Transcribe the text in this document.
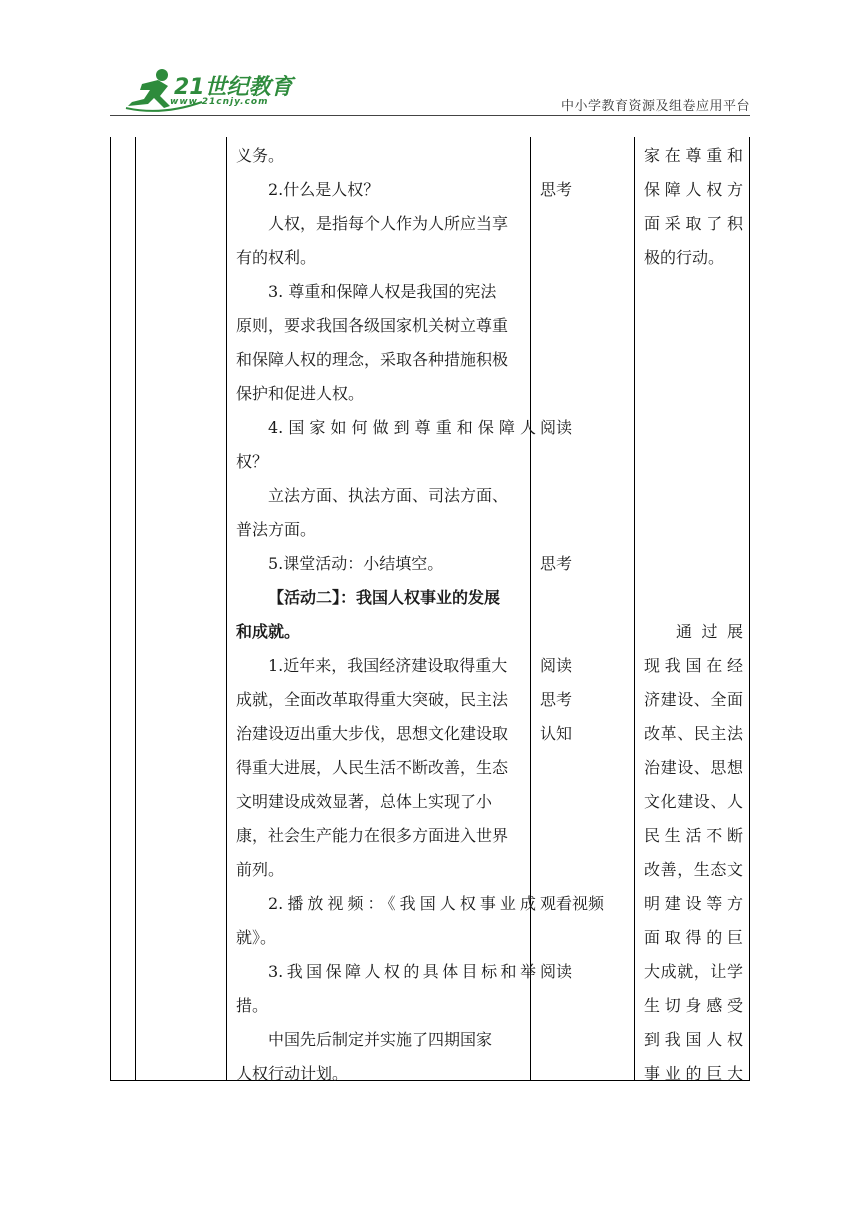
21世纪教育
www.21cnjy.com	中小学教育资源及组卷应用平台
义务。
2.什么是人权？
人权，是指每个人作为人所应当享
有的权利。
3. 尊重和保障人权是我国的宪法
原则，要求我国各级国家机关树立尊重
和保障人权的理念，采取各种措施积极
保护和促进人权。
4.国家如何做到尊重和保障人
权？
立法方面、执法方面、司法方面、
普法方面。
5.课堂活动：小结填空。
【活动二】：我国人权事业的发展
和成就。
1.近年来，我国经济建设取得重大
成就，全面改革取得重大突破，民主法
治建设迈出重大步伐，思想文化建设取
得重大进展，人民生活不断改善，生态
文明建设成效显著，总体上实现了小
康，社会生产能力在很多方面进入世界
前列。
2.播放视频：《我国人权事业成
就》。
3.我国保障人权的具体目标和举
措。
中国先后制定并实施了四期国家
人权行动计划。
思考
阅读
思考
阅读
思考
认知
观看视频
阅读
家在尊重和
保障人权方
面采取了积
极的行动。
通过展
现我国在经
济建设、全面
改革、民主法
治建设、思想
文化建设、人
民生活不断
改善，生态文
明建设等方
面取得的巨
大成就，让学
生切身感受
到我国人权
事业的巨大
